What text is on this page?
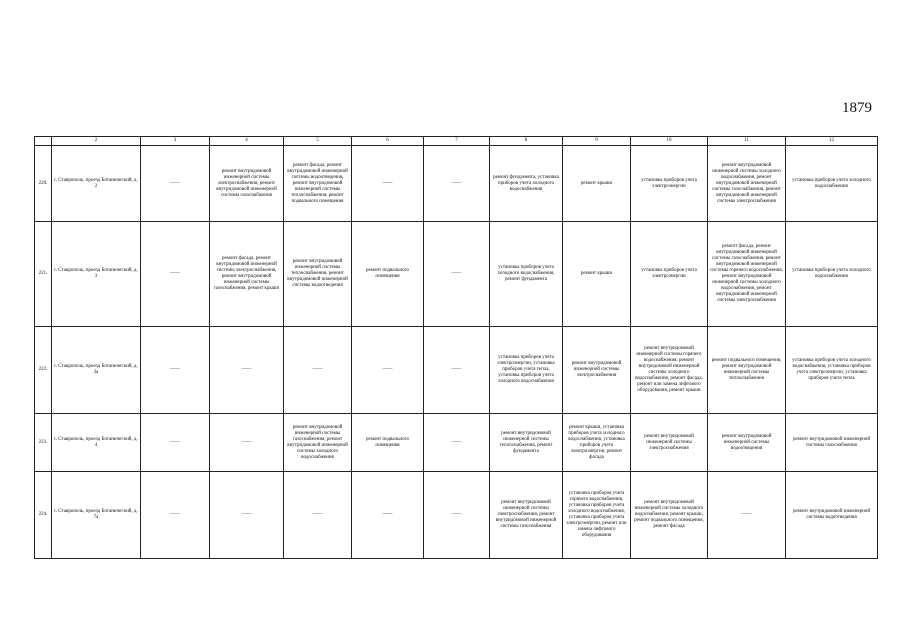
1879
	2	3	4	5	6	7	8	9	10	11	12
220.	г. Ставрополь, проезд Ботанический, д. 2	——	ремонт внутридомовой инженерной системы электроснабжения, ремонт внутридомовой инженерной системы газоснабжения	ремонт фасада, ремонт внутридомовой инженерной системы водоотведения, ремонт внутридомовой инженерной системы теплоснабжения, ремонт подвального помещения	——	——	ремонт фундамента, установка приборов учета холодного водоснабжения	ремонт крыши	установка приборов учета электроэнергии	ремонт внутридомовой инженерной системы холодного водоснабжения, ремонт внутридомовой инженерной системы газоснабжения, ремонт внутридомовой инженерной системы электроснабжения	установка приборов учета холодного водоснабжения
221.	г. Ставрополь, проезд Ботанический, д. 3	——	ремонт фасада, ремонт внутридомовой инженерной системы электроснабжения, ремонт внутридомовой инженерной системы газоснабжения, ремонт крыши	ремонт внутридомовой инженерной системы теплоснабжения, ремонт внутридомовой инженерной системы водоотведения	ремонт подвального помещения	——	установка приборов учета холодного водоснабжения, ремонт фундамента	ремонт крыши	установка приборов учета электроэнергии	ремонт фасада, ремонт внутридомовой инженерной системы газоснабжения, ремонт внутридомовой инженерной системы горячего водоснабжения, ремонт внутридомовой инженерной системы холодного водоснабжения, ремонт внутридомовой инженерной системы электроснабжения	установка приборов учета холодного водоснабжения
222.	г. Ставрополь, проезд Ботанический, д. 3а	——	——	——	——	——	установка приборов учета электроэнергии, установка приборов учета тепла, установка приборов учета холодного водоснабжения	ремонт внутридомовой инженерной системы электроснабжения	ремонт внутридомовой инженерной системы горячего водоснабжения, ремонт внутридомовой инженерной системы холодного водоснабжения, ремонт фасада, ремонт или замена лифтового оборудования, ремонт крыши	ремонт подвального помещения, ремонт внутридомовой инженерной системы теплоснабжения	установка приборов учета холодного водоснабжения, установка приборов учета электроэнергии, установка приборов учета тепла
223.	г. Ставрополь, проезд Ботанический, д. 4	——	——	ремонт внутридомовой инженерной системы газоснабжения, ремонт внутридомовой инженерной системы холодного водоснабжения	ремонт подвального помещения	——	ремонт внутридомовой инженерной системы теплоснабжения, ремонт фундамента	ремонт крыши, установка приборов учета холодного водоснабжения, установка приборов учета электроэнергии, ремонт фасада	ремонт внутридомовой инженерной системы электроснабжения	ремонт внутридомовой инженерной системы водоотведения	ремонт внутридомовой инженерной системы газоснабжения
224.	г. Ставрополь, проезд Ботанический, д. 7а	——	——	——	——	——	ремонт внутридомовой инженерной системы электроснабжения, ремонт внутридомовой инженерной системы газоснабжения	установка приборов учета горячего водоснабжения, установка приборов учета холодного водоснабжения, установка приборов учета электроэнергии, ремонт или замена лифтового оборудования	ремонт внутридомовой инженерной системы холодного водоснабжения, ремонт крыши, ремонт подвального помещения, ремонт фасада	——	ремонт внутридомовой инженерной системы водоотведения
